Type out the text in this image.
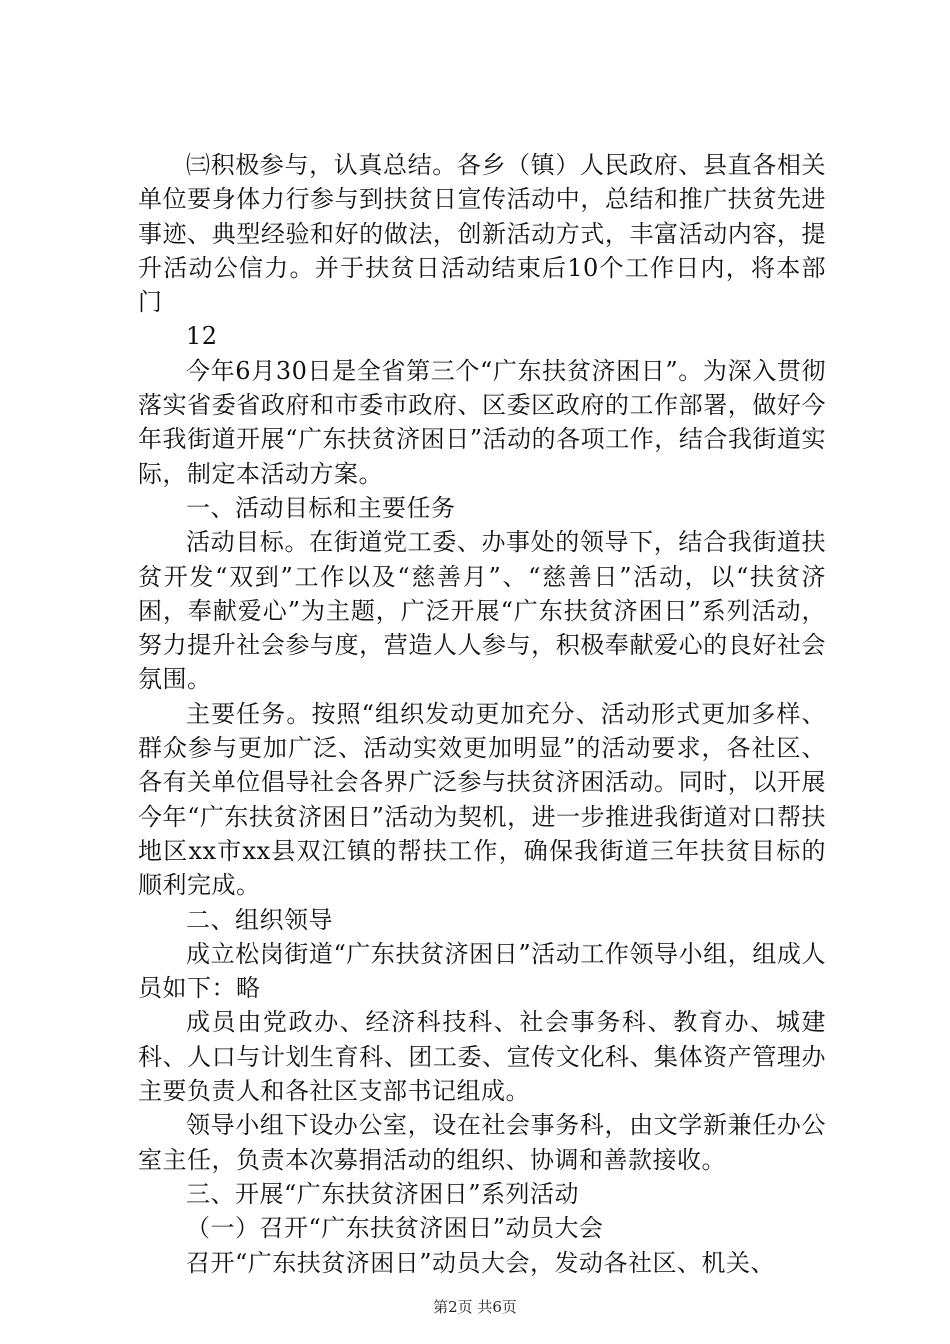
㈢积极参与，认真总结。各乡（镇）人民政府、县直各相关单位要身体力行参与到扶贫日宣传活动中，总结和推广扶贫先进事迹、典型经验和好的做法，创新活动方式，丰富活动内容，提升活动公信力。并于扶贫日活动结束后10个工作日内，将本部门

12

今年6月30日是全省第三个“广东扶贫济困日”。为深入贯彻落实省委省政府和市委市政府、区委区政府的工作部署，做好今年我街道开展“广东扶贫济困日”活动的各项工作，结合我街道实际，制定本活动方案。

一、活动目标和主要任务

活动目标。在街道党工委、办事处的领导下，结合我街道扶贫开发“双到”工作以及“慈善月”、“慈善日”活动，以“扶贫济困，奉献爱心”为主题，广泛开展“广东扶贫济困日”系列活动，努力提升社会参与度，营造人人参与，积极奉献爱心的良好社会氛围。

主要任务。按照“组织发动更加充分、活动形式更加多样、群众参与更加广泛、活动实效更加明显”的活动要求，各社区、各有关单位倡导社会各界广泛参与扶贫济困活动。同时，以开展今年“广东扶贫济困日”活动为契机，进一步推进我街道对口帮扶地区xx市xx县双江镇的帮扶工作，确保我街道三年扶贫目标的顺利完成。

二、组织领导

成立松岗街道“广东扶贫济困日”活动工作领导小组，组成人员如下：略

成员由党政办、经济科技科、社会事务科、教育办、城建科、人口与计划生育科、团工委、宣传文化科、集体资产管理办主要负责人和各社区支部书记组成。

领导小组下设办公室，设在社会事务科，由文学新兼任办公室主任，负责本次募捐活动的组织、协调和善款接收。

三、开展“广东扶贫济困日”系列活动

（一）召开“广东扶贫济困日”动员大会

召开“广东扶贫济困日”动员大会，发动各社区、机关、

第2页 共6页
